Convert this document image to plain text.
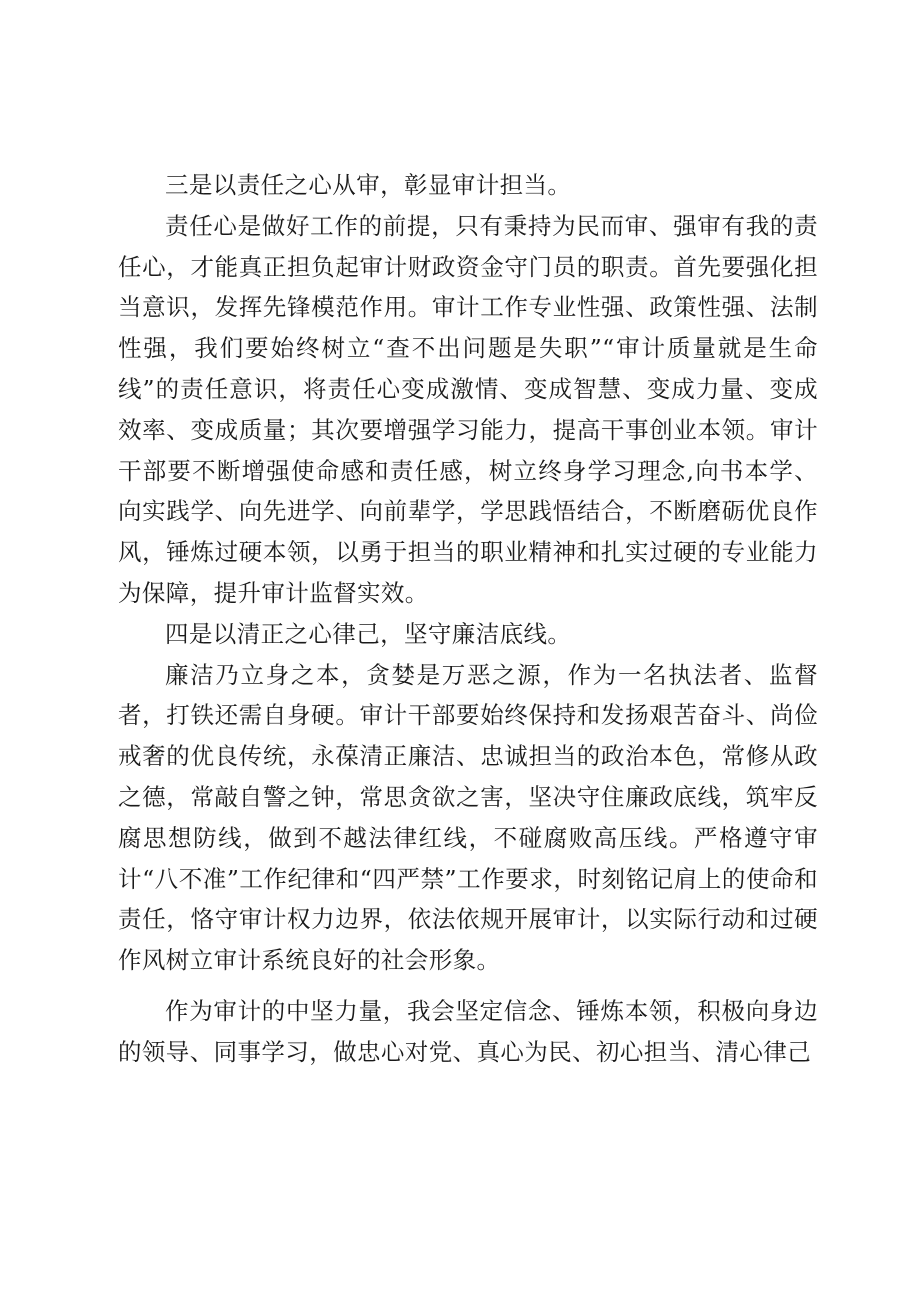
三是以责任之心从审，彰显审计担当。

责任心是做好工作的前提，只有秉持为民而审、强审有我的责任心，才能真正担负起审计财政资金守门员的职责。首先要强化担当意识，发挥先锋模范作用。审计工作专业性强、政策性强、法制性强，我们要始终树立“查不出问题是失职”“审计质量就是生命线”的责任意识，将责任心变成激情、变成智慧、变成力量、变成效率、变成质量；其次要增强学习能力，提高干事创业本领。审计干部要不断增强使命感和责任感，树立终身学习理念,向书本学、向实践学、向先进学、向前辈学，学思践悟结合，不断磨砺优良作风，锤炼过硬本领，以勇于担当的职业精神和扎实过硬的专业能力为保障，提升审计监督实效。

四是以清正之心律己，坚守廉洁底线。

廉洁乃立身之本，贪婪是万恶之源，作为一名执法者、监督者，打铁还需自身硬。审计干部要始终保持和发扬艰苦奋斗、尚俭戒奢的优良传统，永葆清正廉洁、忠诚担当的政治本色，常修从政之德，常敲自警之钟，常思贪欲之害，坚决守住廉政底线，筑牢反腐思想防线，做到不越法律红线，不碰腐败高压线。严格遵守审计“八不准”工作纪律和“四严禁”工作要求，时刻铭记肩上的使命和责任，恪守审计权力边界，依法依规开展审计，以实际行动和过硬作风树立审计系统良好的社会形象。

作为审计的中坚力量，我会坚定信念、锤炼本领，积极向身边的领导、同事学习，做忠心对党、真心为民、初心担当、清心律己
